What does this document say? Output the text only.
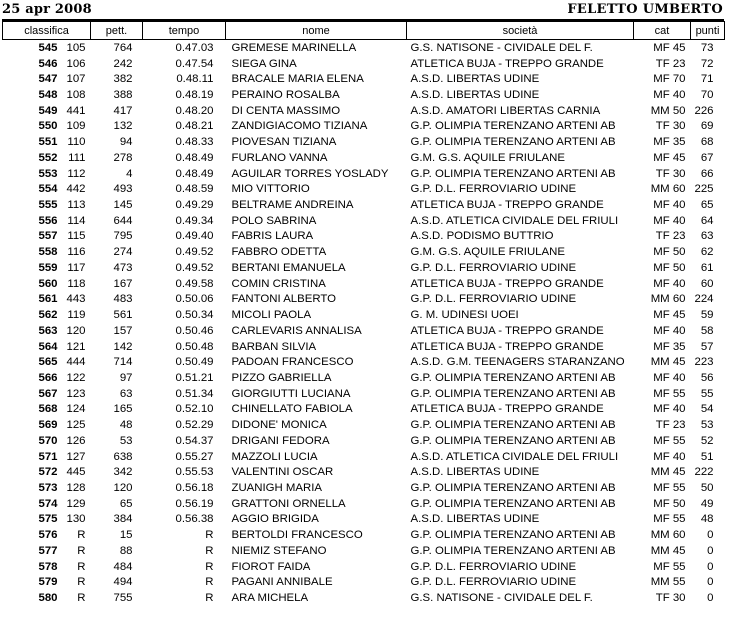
25 apr 2008	FELETTO UMBERTO
classifica		pett.	tempo	nome	società	cat	punti
545	105	764	0.47.03	GREMESE MARINELLA	G.S. NATISONE - CIVIDALE DEL F.	MF 45	73
546	106	242	0.47.54	SIEGA GINA	ATLETICA BUJA - TREPPO GRANDE	TF 23	72
547	107	382	0.48.11	BRACALE MARIA ELENA	A.S.D. LIBERTAS UDINE	MF 70	71
548	108	388	0.48.19	PERAINO ROSALBA	A.S.D. LIBERTAS UDINE	MF 40	70
549	441	417	0.48.20	DI CENTA MASSIMO	A.S.D. AMATORI LIBERTAS CARNIA	MM 50	226
550	109	132	0.48.21	ZANDIGIACOMO TIZIANA	G.P. OLIMPIA TERENZANO ARTENI AB	TF 30	69
551	110	94	0.48.33	PIOVESAN TIZIANA	G.P. OLIMPIA TERENZANO ARTENI AB	MF 35	68
552	111	278	0.48.49	FURLANO VANNA	G.M. G.S. AQUILE FRIULANE	MF 45	67
553	112	4	0.48.49	AGUILAR TORRES YOSLADY	G.P. OLIMPIA TERENZANO ARTENI AB	TF 30	66
554	442	493	0.48.59	MIO VITTORIO	G.P. D.L. FERROVIARIO UDINE	MM 60	225
555	113	145	0.49.29	BELTRAME ANDREINA	ATLETICA BUJA - TREPPO GRANDE	MF 40	65
556	114	644	0.49.34	POLO SABRINA	A.S.D. ATLETICA CIVIDALE DEL FRIULI	MF 40	64
557	115	795	0.49.40	FABRIS LAURA	A.S.D. PODISMO BUTTRIO	TF 23	63
558	116	274	0.49.52	FABBRO ODETTA	G.M. G.S. AQUILE FRIULANE	MF 50	62
559	117	473	0.49.52	BERTANI EMANUELA	G.P. D.L. FERROVIARIO UDINE	MF 50	61
560	118	167	0.49.58	COMIN CRISTINA	ATLETICA BUJA - TREPPO GRANDE	MF 40	60
561	443	483	0.50.06	FANTONI ALBERTO	G.P. D.L. FERROVIARIO UDINE	MM 60	224
562	119	561	0.50.34	MICOLI PAOLA	G. M. UDINESI UOEI	MF 45	59
563	120	157	0.50.46	CARLEVARIS ANNALISA	ATLETICA BUJA - TREPPO GRANDE	MF 40	58
564	121	142	0.50.48	BARBAN SILVIA	ATLETICA BUJA - TREPPO GRANDE	MF 35	57
565	444	714	0.50.49	PADOAN FRANCESCO	A.S.D. G.M. TEENAGERS STARANZANO	MM 45	223
566	122	97	0.51.21	PIZZO GABRIELLA	G.P. OLIMPIA TERENZANO ARTENI AB	MF 40	56
567	123	63	0.51.34	GIORGIUTTI LUCIANA	G.P. OLIMPIA TERENZANO ARTENI AB	MF 55	55
568	124	165	0.52.10	CHINELLATO FABIOLA	ATLETICA BUJA - TREPPO GRANDE	MF 40	54
569	125	48	0.52.29	DIDONE' MONICA	G.P. OLIMPIA TERENZANO ARTENI AB	TF 23	53
570	126	53	0.54.37	DRIGANI FEDORA	G.P. OLIMPIA TERENZANO ARTENI AB	MF 55	52
571	127	638	0.55.27	MAZZOLI LUCIA	A.S.D. ATLETICA CIVIDALE DEL FRIULI	MF 40	51
572	445	342	0.55.53	VALENTINI OSCAR	A.S.D. LIBERTAS UDINE	MM 45	222
573	128	120	0.56.18	ZUANIGH MARIA	G.P. OLIMPIA TERENZANO ARTENI AB	MF 55	50
574	129	65	0.56.19	GRATTONI ORNELLA	G.P. OLIMPIA TERENZANO ARTENI AB	MF 50	49
575	130	384	0.56.38	AGGIO BRIGIDA	A.S.D. LIBERTAS UDINE	MF 55	48
576	R	15	R	BERTOLDI FRANCESCO	G.P. OLIMPIA TERENZANO ARTENI AB	MM 60	0
577	R	88	R	NIEMIZ STEFANO	G.P. OLIMPIA TERENZANO ARTENI AB	MM 45	0
578	R	484	R	FIOROT FAIDA	G.P. D.L. FERROVIARIO UDINE	MF 55	0
579	R	494	R	PAGANI ANNIBALE	G.P. D.L. FERROVIARIO UDINE	MM 55	0
580	R	755	R	ARA MICHELA	G.S. NATISONE - CIVIDALE DEL F.	TF 30	0
